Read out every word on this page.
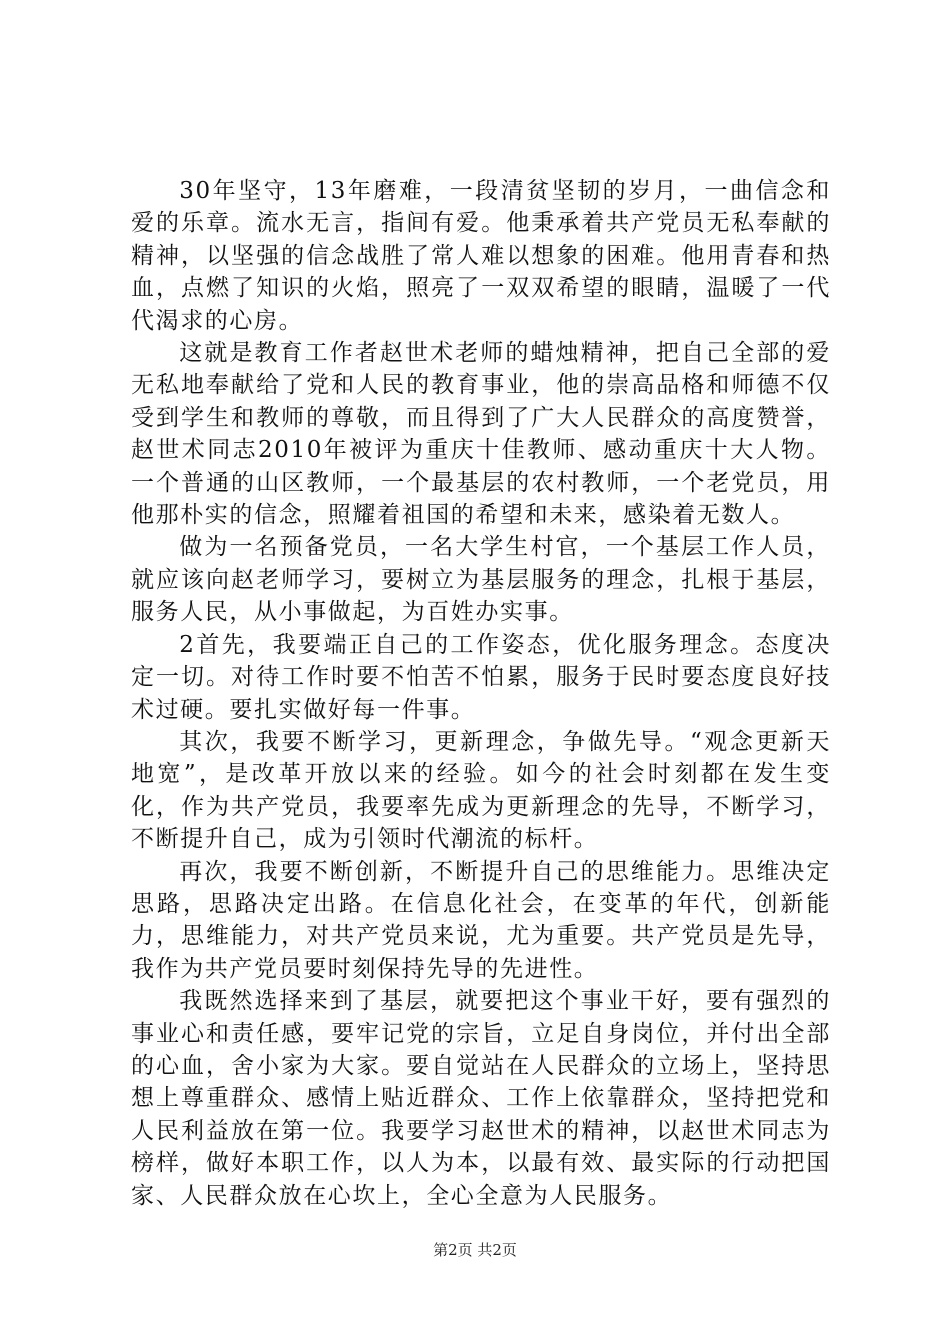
30年坚守，13年磨难，一段清贫坚韧的岁月，一曲信念和爱的乐章。流水无言，指间有爱。他秉承着共产党员无私奉献的精神，以坚强的信念战胜了常人难以想象的困难。他用青春和热血，点燃了知识的火焰，照亮了一双双希望的眼睛，温暖了一代代渴求的心房。

这就是教育工作者赵世术老师的蜡烛精神，把自己全部的爱无私地奉献给了党和人民的教育事业，他的崇高品格和师德不仅受到学生和教师的尊敬，而且得到了广大人民群众的高度赞誉，赵世术同志2010年被评为重庆十佳教师、感动重庆十大人物。一个普通的山区教师，一个最基层的农村教师，一个老党员，用他那朴实的信念，照耀着祖国的希望和未来，感染着无数人。

做为一名预备党员，一名大学生村官，一个基层工作人员，就应该向赵老师学习，要树立为基层服务的理念，扎根于基层，服务人民，从小事做起，为百姓办实事。

2首先，我要端正自己的工作姿态，优化服务理念。态度决定一切。对待工作时要不怕苦不怕累，服务于民时要态度良好技术过硬。要扎实做好每一件事。

其次，我要不断学习，更新理念，争做先导。“观念更新天地宽”，是改革开放以来的经验。如今的社会时刻都在发生变化，作为共产党员，我要率先成为更新理念的先导，不断学习，不断提升自己，成为引领时代潮流的标杆。

再次，我要不断创新，不断提升自己的思维能力。思维决定思路，思路决定出路。在信息化社会，在变革的年代，创新能力，思维能力，对共产党员来说，尤为重要。共产党员是先导，我作为共产党员要时刻保持先导的先进性。

我既然选择来到了基层，就要把这个事业干好，要有强烈的事业心和责任感，要牢记党的宗旨，立足自身岗位，并付出全部的心血，舍小家为大家。要自觉站在人民群众的立场上，坚持思想上尊重群众、感情上贴近群众、工作上依靠群众，坚持把党和人民利益放在第一位。我要学习赵世术的精神，以赵世术同志为榜样，做好本职工作，以人为本，以最有效、最实际的行动把国家、人民群众放在心坎上，全心全意为人民服务。

第2页 共2页
